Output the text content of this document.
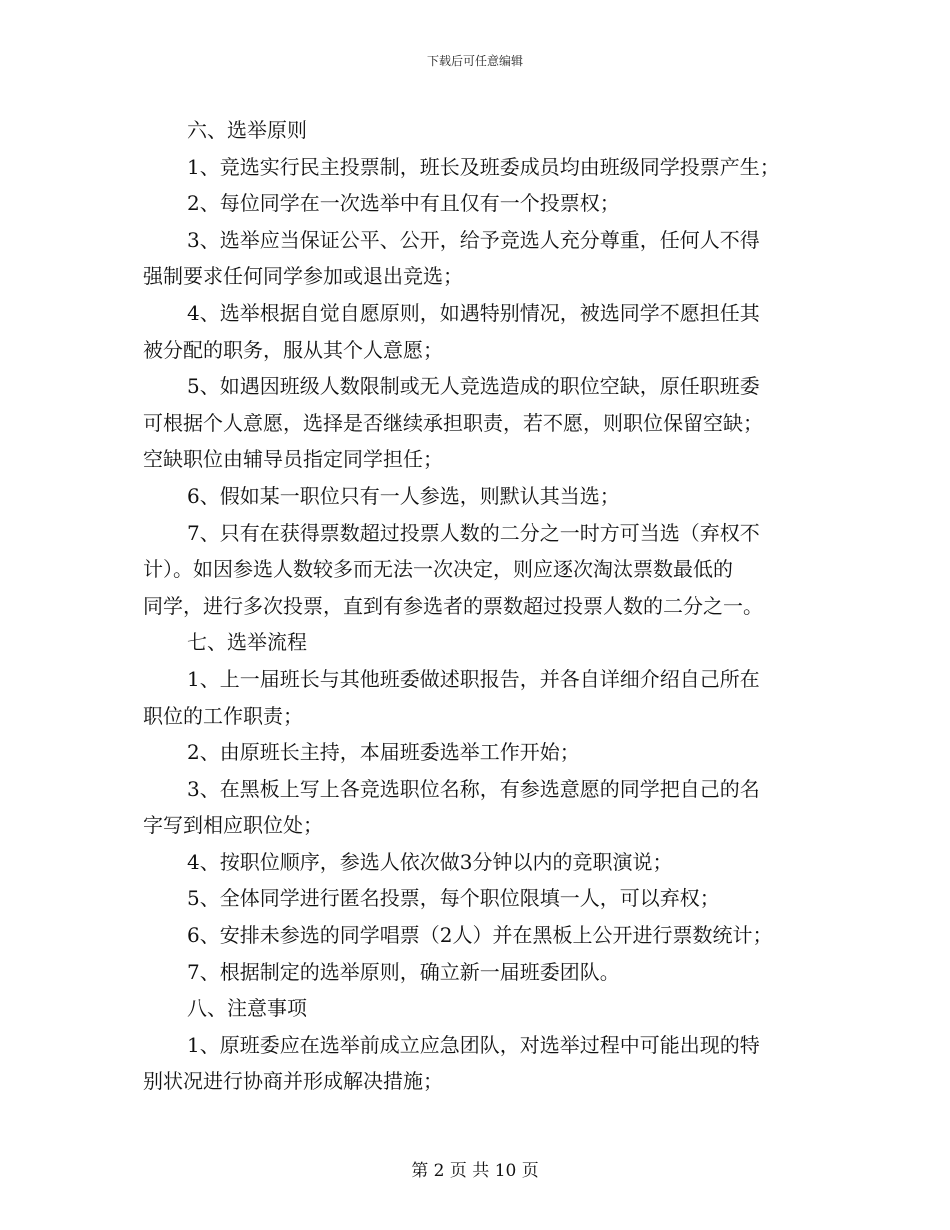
下载后可任意编辑
六、选举原则
1、竞选实行民主投票制，班长及班委成员均由班级同学投票产生；
2、每位同学在一次选举中有且仅有一个投票权；
3、选举应当保证公平、公开，给予竞选人充分尊重，任何人不得
强制要求任何同学参加或退出竞选；
4、选举根据自觉自愿原则，如遇特别情况，被选同学不愿担任其
被分配的职务，服从其个人意愿；
5、如遇因班级人数限制或无人竞选造成的职位空缺，原任职班委
可根据个人意愿，选择是否继续承担职责，若不愿，则职位保留空缺；
空缺职位由辅导员指定同学担任；
6、假如某一职位只有一人参选，则默认其当选；
7、只有在获得票数超过投票人数的二分之一时方可当选（弃权不
计）。如因参选人数较多而无法一次决定，则应逐次淘汰票数最低的
同学，进行多次投票，直到有参选者的票数超过投票人数的二分之一。
七、选举流程
1、上一届班长与其他班委做述职报告，并各自详细介绍自己所在
职位的工作职责；
2、由原班长主持，本届班委选举工作开始；
3、在黑板上写上各竞选职位名称，有参选意愿的同学把自己的名
字写到相应职位处；
4、按职位顺序，参选人依次做3分钟以内的竞职演说；
5、全体同学进行匿名投票，每个职位限填一人，可以弃权；
6、安排未参选的同学唱票（2人）并在黑板上公开进行票数统计；
7、根据制定的选举原则，确立新一届班委团队。
八、注意事项
1、原班委应在选举前成立应急团队，对选举过程中可能出现的特
别状况进行协商并形成解决措施；
第 2 页 共 10 页
